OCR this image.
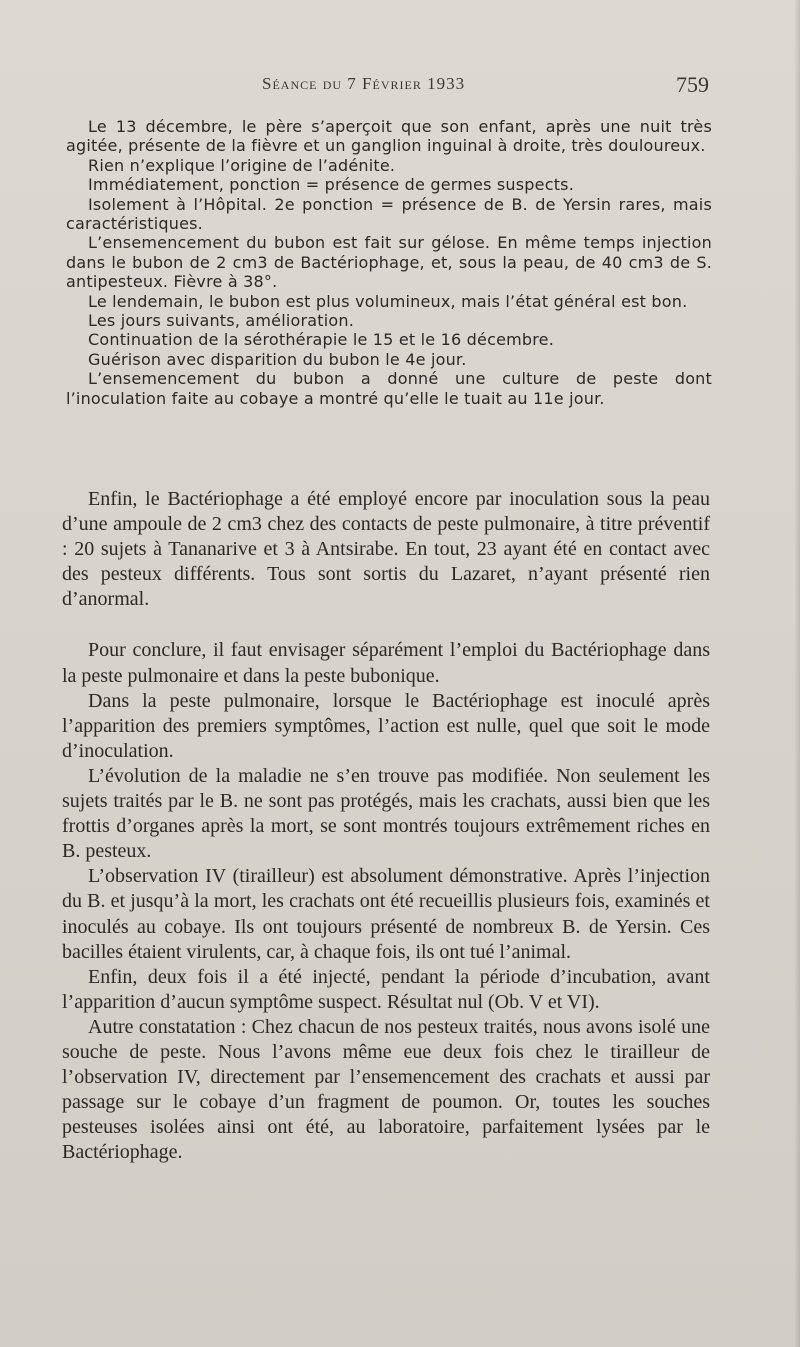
Séance du 7 Février 1933	759

Le 13 décembre, le père s’aperçoit que son enfant, après une nuit très agitée, présente de la fièvre et un ganglion inguinal à droite, très douloureux.

Rien n’explique l’origine de l’adénite.

Immédiatement, ponction = présence de germes suspects.

Isolement à l’Hôpital. 2e ponction = présence de B. de Yersin rares, mais caractéristiques.

L’ensemencement du bubon est fait sur gélose. En même temps injection dans le bubon de 2 cm3 de Bactériophage, et, sous la peau, de 40 cm3 de S. antipesteux. Fièvre à 38°.

Le lendemain, le bubon est plus volumineux, mais l’état général est bon.

Les jours suivants, amélioration.

Continuation de la sérothérapie le 15 et le 16 décembre.

Guérison avec disparition du bubon le 4e jour.

L’ensemencement du bubon a donné une culture de peste dont l’inoculation faite au cobaye a montré qu’elle le tuait au 11e jour.

Enfin, le Bactériophage a été employé encore par inoculation sous la peau d’une ampoule de 2 cm3 chez des contacts de peste pulmonaire, à titre préventif : 20 sujets à Tananarive et 3 à Antsirabe. En tout, 23 ayant été en contact avec des pesteux différents. Tous sont sortis du Lazaret, n’ayant présenté rien d’anormal.

Pour conclure, il faut envisager séparément l’emploi du Bactériophage dans la peste pulmonaire et dans la peste bubonique.

Dans la peste pulmonaire, lorsque le Bactériophage est inoculé après l’apparition des premiers symptômes, l’action est nulle, quel que soit le mode d’inoculation.

L’évolution de la maladie ne s’en trouve pas modifiée. Non seulement les sujets traités par le B. ne sont pas protégés, mais les crachats, aussi bien que les frottis d’organes après la mort, se sont montrés toujours extrêmement riches en B. pesteux.

L’observation IV (tirailleur) est absolument démonstrative. Après l’injection du B. et jusqu’à la mort, les crachats ont été recueillis plusieurs fois, examinés et inoculés au cobaye. Ils ont toujours présenté de nombreux B. de Yersin. Ces bacilles étaient virulents, car, à chaque fois, ils ont tué l’animal.

Enfin, deux fois il a été injecté, pendant la période d’incubation, avant l’apparition d’aucun symptôme suspect. Résultat nul (Ob. V et VI).

Autre constatation : Chez chacun de nos pesteux traités, nous avons isolé une souche de peste. Nous l’avons même eue deux fois chez le tirailleur de l’observation IV, directement par l’ensemencement des crachats et aussi par passage sur le cobaye d’un fragment de poumon. Or, toutes les souches pesteuses isolées ainsi ont été, au laboratoire, parfaitement lysées par le Bactériophage.
